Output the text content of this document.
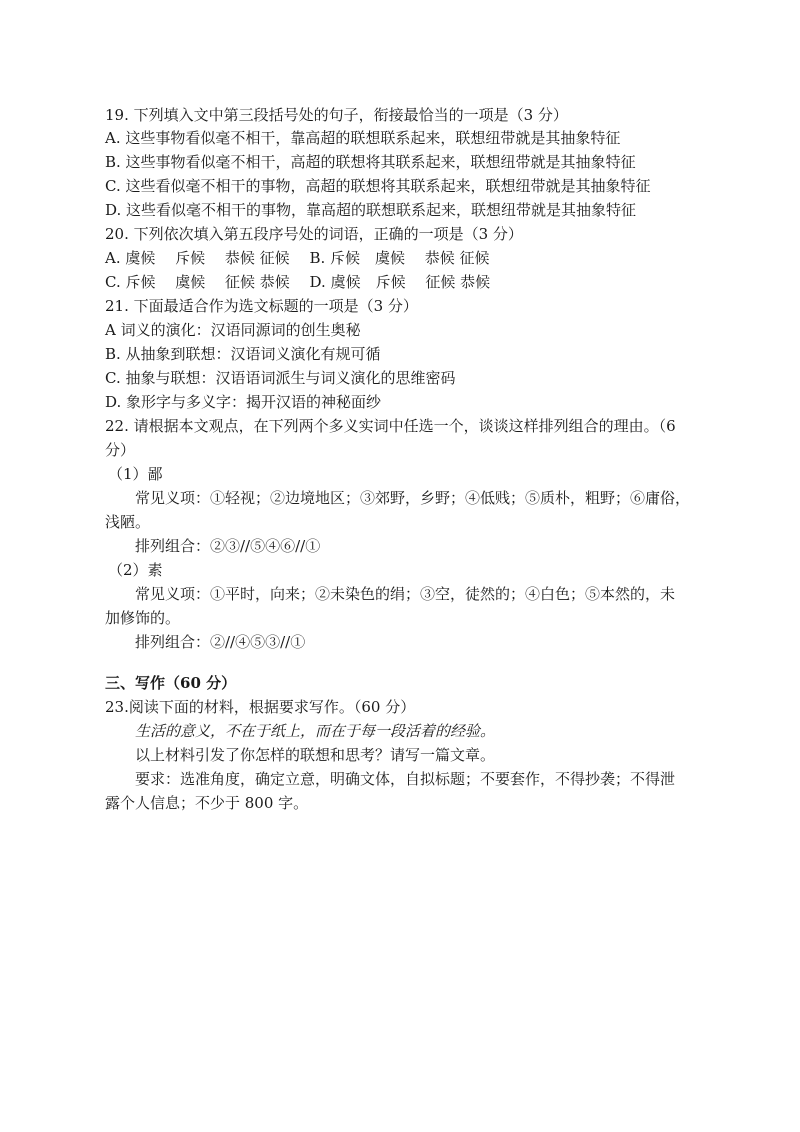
19. 下列填入文中第三段括号处的句子，衔接最恰当的一项是（3 分）
A. 这些事物看似毫不相干，靠高超的联想联系起来，联想纽带就是其抽象特征
B. 这些事物看似毫不相干，高超的联想将其联系起来，联想纽带就是其抽象特征
C. 这些看似毫不相干的事物，高超的联想将其联系起来，联想纽带就是其抽象特征
D. 这些看似毫不相干的事物，靠高超的联想联系起来，联想纽带就是其抽象特征
20. 下列依次填入第五段序号处的词语，正确的一项是（3 分）
A. 虞候　 斥候　 恭候 征候　 B. 斥候　虞候　 恭候 征候
C. 斥候　 虞候　 征候 恭候　 D. 虞候　斥候　 征候 恭候
21. 下面最适合作为选文标题的一项是（3 分）
A 词义的演化：汉语同源词的创生奥秘
B. 从抽象到联想：汉语词义演化有规可循
C. 抽象与联想：汉语语词派生与词义演化的思维密码
D. 象形字与多义字：揭开汉语的神秘面纱
22. 请根据本文观点，在下列两个多义实词中任选一个，谈谈这样排列组合的理由。（6
分）
（1）鄙
常见义项：①轻视；②边境地区；③郊野，乡野；④低贱；⑤质朴，粗野；⑥庸俗，
浅陋。
排列组合：②③//⑤④⑥//①
（2）素
常见义项：①平时，向来；②未染色的绢；③空，徒然的；④白色；⑤本然的，未
加修饰的。
排列组合：②//④⑤③//①
三、写作（60 分）
23.阅读下面的材料，根据要求写作。（60 分）
生活的意义，不在于纸上，而在于每一段活着的经验。
以上材料引发了你怎样的联想和思考？请写一篇文章。
要求：选准角度，确定立意，明确文体，自拟标题；不要套作，不得抄袭；不得泄
露个人信息；不少于 800 字。
